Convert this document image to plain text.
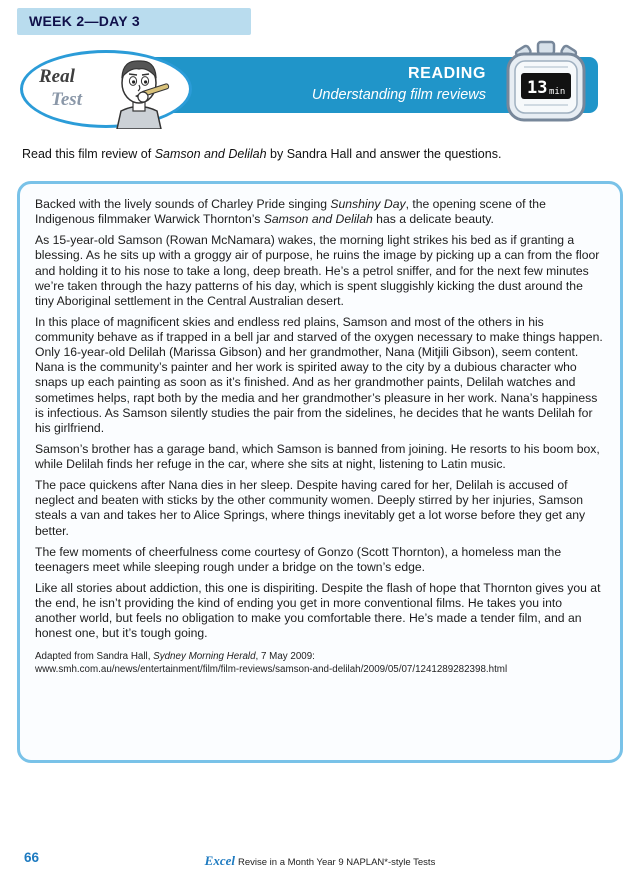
WEEK 2—DAY 3
READING
Understanding film reviews
Real
Test
13 min

Read this film review of Samson and Delilah by Sandra Hall and answer the questions.

Backed with the lively sounds of Charley Pride singing Sunshiny Day, the opening scene of the Indigenous filmmaker Warwick Thornton’s Samson and Delilah has a delicate beauty.

As 15-year-old Samson (Rowan McNamara) wakes, the morning light strikes his bed as if granting a blessing. As he sits up with a groggy air of purpose, he ruins the image by picking up a can from the floor and holding it to his nose to take a long, deep breath. He’s a petrol sniffer, and for the next few minutes we’re taken through the hazy patterns of his day, which is spent sluggishly kicking the dust around the tiny Aboriginal settlement in the Central Australian desert.

In this place of magnificent skies and endless red plains, Samson and most of the others in his community behave as if trapped in a bell jar and starved of the oxygen necessary to make things happen. Only 16-year-old Delilah (Marissa Gibson) and her grandmother, Nana (Mitjili Gibson), seem content. Nana is the community’s painter and her work is spirited away to the city by a dubious character who snaps up each painting as soon as it’s finished. And as her grandmother paints, Delilah watches and sometimes helps, rapt both by the media and her grandmother’s pleasure in her work. Nana’s happiness is infectious. As Samson silently studies the pair from the sidelines, he decides that he wants Delilah for his girlfriend.

Samson’s brother has a garage band, which Samson is banned from joining. He resorts to his boom box, while Delilah finds her refuge in the car, where she sits at night, listening to Latin music.

The pace quickens after Nana dies in her sleep. Despite having cared for her, Delilah is accused of neglect and beaten with sticks by the other community women. Deeply stirred by her injuries, Samson steals a van and takes her to Alice Springs, where things inevitably get a lot worse before they get any better.

The few moments of cheerfulness come courtesy of Gonzo (Scott Thornton), a homeless man the teenagers meet while sleeping rough under a bridge on the town’s edge.

Like all stories about addiction, this one is dispiriting. Despite the flash of hope that Thornton gives you at the end, he isn’t providing the kind of ending you get in more conventional films. He takes you into another world, but feels no obligation to make you comfortable there. He’s made a tender film, and an honest one, but it’s tough going.

Adapted from Sandra Hall, Sydney Morning Herald, 7 May 2009:

www.smh.com.au/news/entertainment/film/film-reviews/samson-and-delilah/2009/05/07/1241289282398.html

66	Excel Revise in a Month Year 9 NAPLAN*-style Tests
